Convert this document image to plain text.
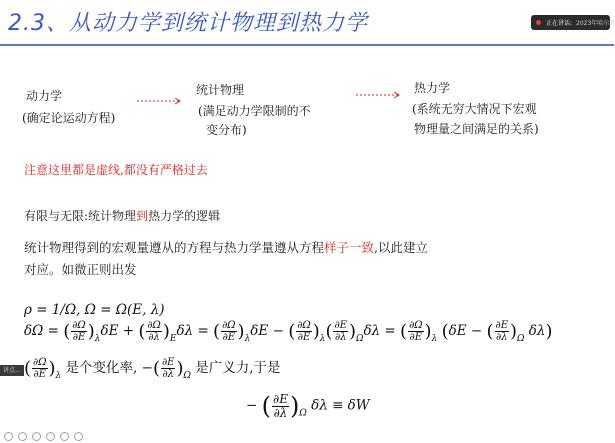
2.3、从动力学到统计物理到热力学	正在讲话: 2023年哈尔滨
动力学
(确定论运动方程)
统计物理
(满足动力学限制的不
变分布)
热力学
(系统无穷大情况下宏观
物理量之间满足的关系)
注意这里都是虚线,都没有严格过去
有限与无限:统计物理到热力学的逻辑
统计物理得到的宏观量遵从的方程与热力学量遵从方程样子一致,以此建立
对应。如微正则出发
ρ = 1/Ω, Ω = Ω(E, λ)
δΩ = ( $\frac{\partial\Omega}{\partial E} )_\lambda\delta E$ + ( $\frac{\partial\Omega}{\partial\lambda} )_E\delta\lambda$ = ( $\frac{\partial\Omega}{\partial E} )_\lambda\delta E$ − ( $\frac{\partial\Omega}{\partial E} )_\lambda( \frac{\partial E}{\partial\lambda} )_\Omega\delta\lambda$ = ( $\frac{\partial\Omega}{\partial E} )_\lambda$ (δE − ( $\frac{\partial E}{\partial\lambda} )_\Omega$ δλ)
( $\frac{\partial\Omega}{\partial E} )_\lambda$ 是个变化率, −( $\frac{\partial E}{\partial\lambda} )_\Omega$ 是广义力,于是
− ( $\frac{\partial E}{\partial\lambda} )_\Omega$ δλ ≡ δW
讲点…
